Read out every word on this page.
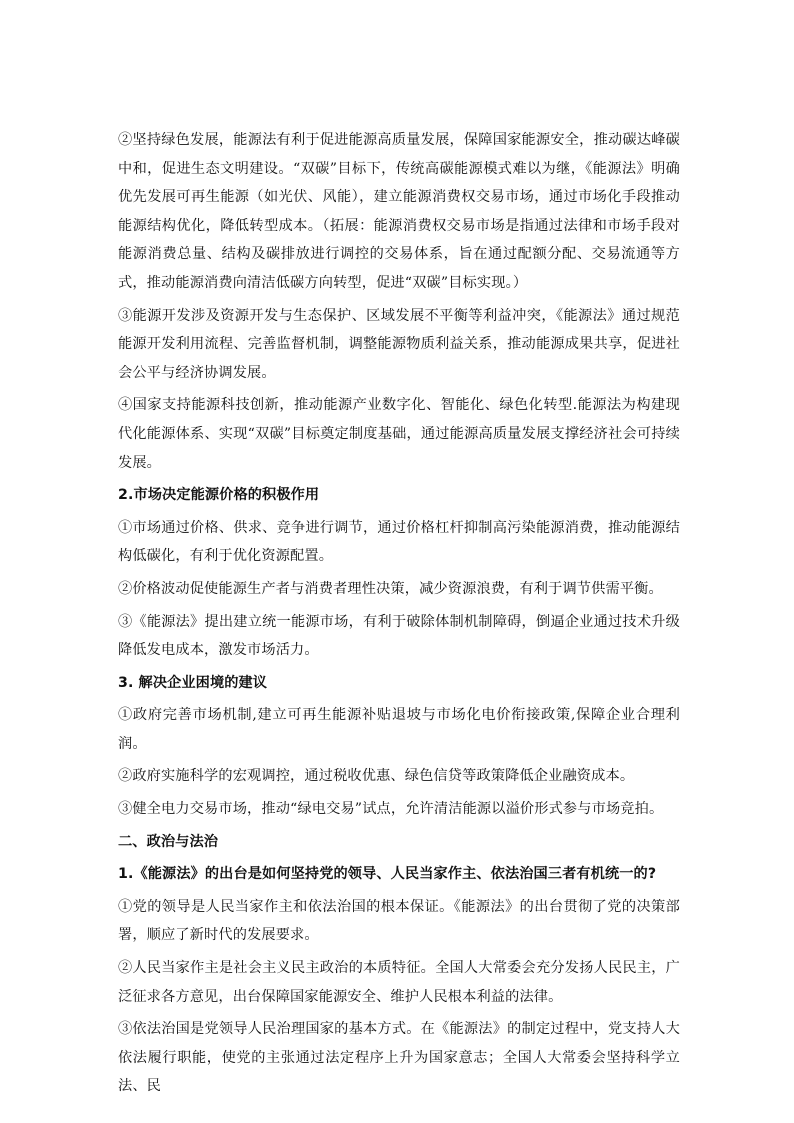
②坚持绿色发展，能源法有利于促进能源高质量发展，保障国家能源安全，推动碳达峰碳中和，促进生态文明建设。“双碳”目标下，传统高碳能源模式难以为继，《能源法》明确优先发展可再生能源（如光伏、风能），建立能源消费权交易市场，通过市场化手段推动能源结构优化，降低转型成本。（拓展：能源消费权交易市场是指通过法律和市场手段对能源消费总量、结构及碳排放进行调控的交易体系，旨在通过配额分配、交易流通等方式，推动能源消费向清洁低碳方向转型，促进“双碳”目标实现。）

③能源开发涉及资源开发与生态保护、区域发展不平衡等利益冲突，《能源法》通过规范能源开发利用流程、完善监督机制，调整能源物质利益关系，推动能源成果共享，促进社会公平与经济协调发展。

④国家支持能源科技创新，推动能源产业数字化、智能化、绿色化转型.能源法为构建现代化能源体系、实现“双碳”目标奠定制度基础，通过能源高质量发展支撑经济社会可持续发展。

2.市场决定能源价格的积极作用

①市场通过价格、供求、竞争进行调节，通过价格杠杆抑制高污染能源消费，推动能源结构低碳化，有利于优化资源配置。

②价格波动促使能源生产者与消费者理性决策，减少资源浪费，有利于调节供需平衡。

③《能源法》提出建立统一能源市场，有利于破除体制机制障碍，倒逼企业通过技术升级降低发电成本，激发市场活力。

3. 解决企业困境的建议

①政府完善市场机制,建立可再生能源补贴退坡与市场化电价衔接政策,保障企业合理利润。

②政府实施科学的宏观调控，通过税收优惠、绿色信贷等政策降低企业融资成本。

③健全电力交易市场，推动“绿电交易”试点，允许清洁能源以溢价形式参与市场竞拍。

二、政治与法治

1.《能源法》的出台是如何坚持党的领导、人民当家作主、依法治国三者有机统一的?

①党的领导是人民当家作主和依法治国的根本保证。《能源法》的出台贯彻了党的决策部署，顺应了新时代的发展要求。

②人民当家作主是社会主义民主政治的本质特征。全国人大常委会充分发扬人民民主，广泛征求各方意见，出台保障国家能源安全、维护人民根本利益的法律。

③依法治国是党领导人民治理国家的基本方式。在《能源法》的制定过程中，党支持人大依法履行职能，使党的主张通过法定程序上升为国家意志；全国人大常委会坚持科学立法、民
